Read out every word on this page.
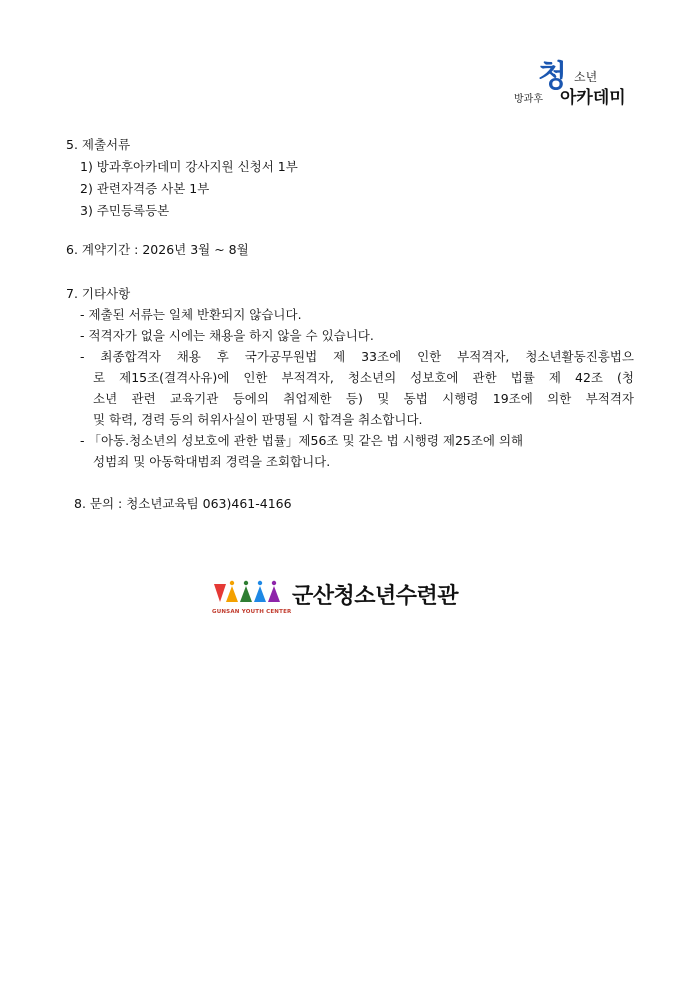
청 소년
방과후 아카데미
5. 제출서류
1) 방과후아카데미 강사지원 신청서 1부
2) 관련자격증 사본 1부
3) 주민등록등본
6. 계약기간 : 2026년 3월 ~ 8월
7. 기타사항
- 제출된 서류는 일체 반환되지 않습니다.
- 적격자가 없을 시에는 채용을 하지 않을 수 있습니다.
- 최종합격자 채용 후 국가공무원법 제 33조에 인한 부적격자, 청소년활동진흥법으
로 제15조(결격사유)에 인한 부적격자, 청소년의 성보호에 관한 법률 제 42조 (청
소년 관련 교육기관 등에의 취업제한 등) 및 동법 시행령 19조에 의한 부적격자
및 학력, 경력 등의 허위사실이 판명될 시 합격을 취소합니다.
- 「아동.청소년의 성보호에 관한 법률」제56조 및 같은 법 시행령 제25조에 의해
성범죄 및 아동학대범죄 경력을 조회합니다.
8. 문의 : 청소년교육팀 063)461-4166
GUNSAN YOUTH CENTER
군산청소년수련관
